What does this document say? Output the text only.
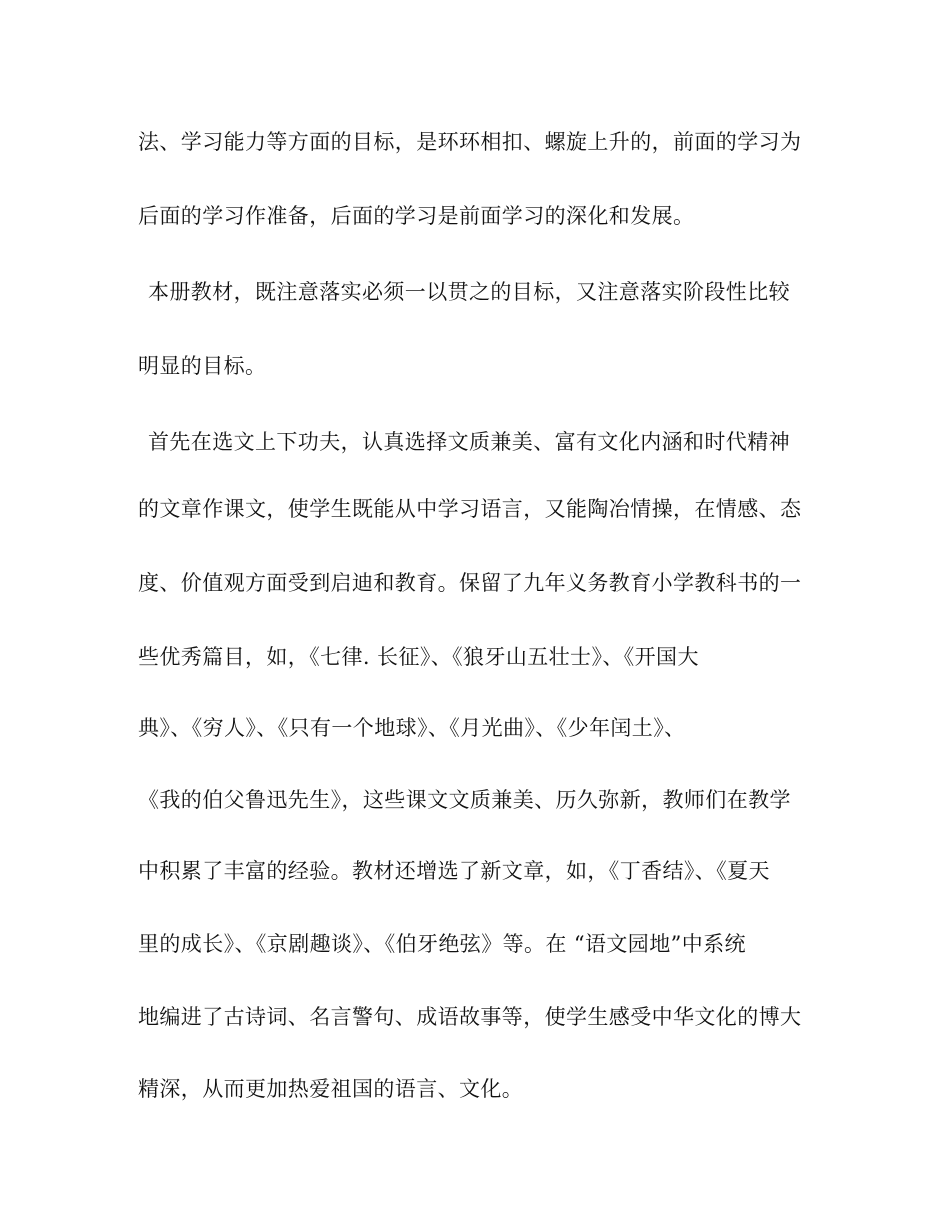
法、学习能力等方面的目标，是环环相扣、螺旋上升的，前面的学习为
后面的学习作准备，后面的学习是前面学习的深化和发展。
本册教材，既注意落实必须一以贯之的目标，又注意落实阶段性比较
明显的目标。
首先在选文上下功夫，认真选择文质兼美、富有文化内涵和时代精神
的文章作课文，使学生既能从中学习语言，又能陶冶情操，在情感、态
度、价值观方面受到启迪和教育。保留了九年义务教育小学教科书的一
些优秀篇目，如，《七律. 长征》、《狼牙山五壮士》、《开国大
典》、《穷人》、《只有一个地球》、《月光曲》、《少年闰土》、
《我的伯父鲁迅先生》，这些课文文质兼美、历久弥新，教师们在教学
中积累了丰富的经验。教材还增选了新文章，如，《丁香结》、《夏天
里的成长》、《京剧趣谈》、《伯牙绝弦》等。在 “语文园地”中系统
地编进了古诗词、名言警句、成语故事等，使学生感受中华文化的博大
精深，从而更加热爱祖国的语言、文化。
